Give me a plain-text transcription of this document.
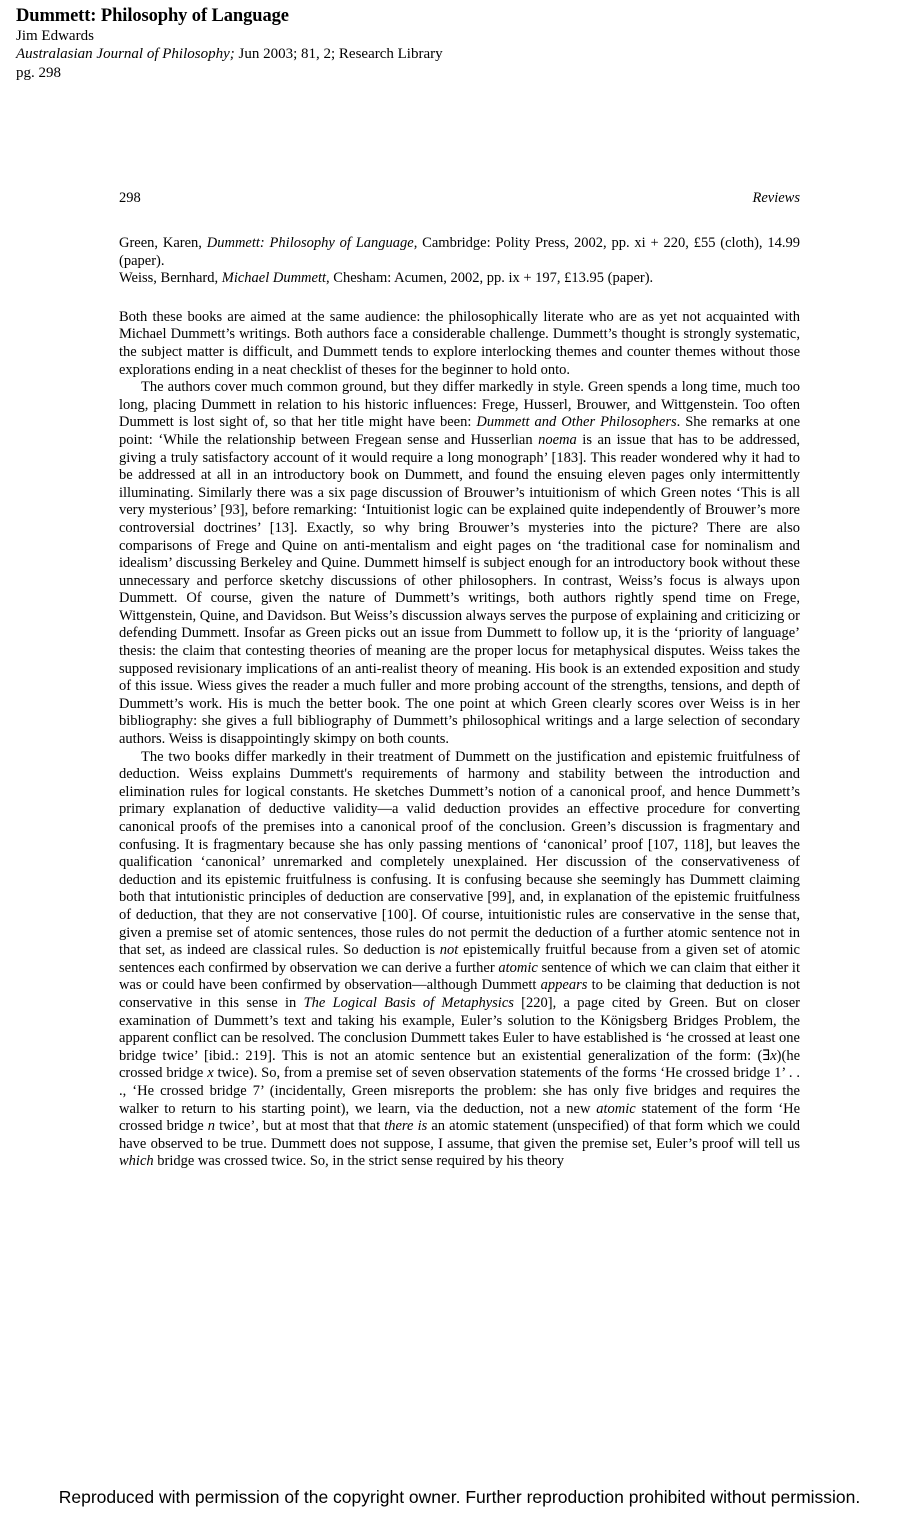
Dummett: Philosophy of Language
Jim Edwards
Australasian Journal of Philosophy; Jun 2003; 81, 2; Research Library
pg. 298
298	Reviews
Green, Karen, Dummett: Philosophy of Language, Cambridge: Polity Press, 2002, pp. xi + 220, £55 (cloth), 14.99 (paper).
Weiss, Bernhard, Michael Dummett, Chesham: Acumen, 2002, pp. ix + 197, £13.95 (paper).

Both these books are aimed at the same audience: the philosophically literate who are as yet not acquainted with Michael Dummett’s writings. Both authors face a considerable challenge. Dummett’s thought is strongly systematic, the subject matter is difficult, and Dummett tends to explore interlocking themes and counter themes without those explorations ending in a neat checklist of theses for the beginner to hold onto.

The authors cover much common ground, but they differ markedly in style. Green spends a long time, much too long, placing Dummett in relation to his historic influences: Frege, Husserl, Brouwer, and Wittgenstein. Too often Dummett is lost sight of, so that her title might have been: Dummett and Other Philosophers. She remarks at one point: ‘While the relationship between Fregean sense and Husserlian noema is an issue that has to be addressed, giving a truly satisfactory account of it would require a long monograph’ [183]. This reader wondered why it had to be addressed at all in an introductory book on Dummett, and found the ensuing eleven pages only intermittently illuminating. Similarly there was a six page discussion of Brouwer’s intuitionism of which Green notes ‘This is all very mysterious’ [93], before remarking: ‘Intuitionist logic can be explained quite independently of Brouwer’s more controversial doctrines’ [13]. Exactly, so why bring Brouwer’s mysteries into the picture? There are also comparisons of Frege and Quine on anti-mentalism and eight pages on ‘the traditional case for nominalism and idealism’ discussing Berkeley and Quine. Dummett himself is subject enough for an introductory book without these unnecessary and perforce sketchy discussions of other philosophers. In contrast, Weiss’s focus is always upon Dummett. Of course, given the nature of Dummett’s writings, both authors rightly spend time on Frege, Wittgenstein, Quine, and Davidson. But Weiss’s discussion always serves the purpose of explaining and criticizing or defending Dummett. Insofar as Green picks out an issue from Dummett to follow up, it is the ‘priority of language’ thesis: the claim that contesting theories of meaning are the proper locus for metaphysical disputes. Weiss takes the supposed revisionary implications of an anti-realist theory of meaning. His book is an extended exposition and study of this issue. Wiess gives the reader a much fuller and more probing account of the strengths, tensions, and depth of Dummett’s work. His is much the better book. The one point at which Green clearly scores over Weiss is in her bibliography: she gives a full bibliography of Dummett’s philosophical writings and a large selection of secondary authors. Weiss is disappointingly skimpy on both counts.

The two books differ markedly in their treatment of Dummett on the justification and epistemic fruitfulness of deduction. Weiss explains Dummett's requirements of harmony and stability between the introduction and elimination rules for logical constants. He sketches Dummett’s notion of a canonical proof, and hence Dummett’s primary explanation of deductive validity—a valid deduction provides an effective procedure for converting canonical proofs of the premises into a canonical proof of the conclusion. Green’s discussion is fragmentary and confusing. It is fragmentary because she has only passing mentions of ‘canonical’ proof [107, 118], but leaves the qualification ‘canonical’ unremarked and completely unexplained. Her discussion of the conservativeness of deduction and its epistemic fruitfulness is confusing. It is confusing because she seemingly has Dummett claiming both that intutionistic principles of deduction are conservative [99], and, in explanation of the epistemic fruitfulness of deduction, that they are not conservative [100]. Of course, intuitionistic rules are conservative in the sense that, given a premise set of atomic sentences, those rules do not permit the deduction of a further atomic sentence not in that set, as indeed are classical rules. So deduction is not epistemically fruitful because from a given set of atomic sentences each confirmed by observation we can derive a further atomic sentence of which we can claim that either it was or could have been confirmed by observation—although Dummett appears to be claiming that deduction is not conservative in this sense in The Logical Basis of Metaphysics [220], a page cited by Green. But on closer examination of Dummett’s text and taking his example, Euler’s solution to the Königsberg Bridges Problem, the apparent conflict can be resolved. The conclusion Dummett takes Euler to have established is ‘he crossed at least one bridge twice’ [ibid.: 219]. This is not an atomic sentence but an existential generalization of the form: (∃x)(he crossed bridge x twice). So, from a premise set of seven observation statements of the forms ‘He crossed bridge 1’ . . ., ‘He crossed bridge 7’ (incidentally, Green misreports the problem: she has only five bridges and requires the walker to return to his starting point), we learn, via the deduction, not a new atomic statement of the form ‘He crossed bridge n twice’, but at most that that there is an atomic statement (unspecified) of that form which we could have observed to be true. Dummett does not suppose, I assume, that given the premise set, Euler’s proof will tell us which bridge was crossed twice. So, in the strict sense required by his theory

Reproduced with permission of the copyright owner. Further reproduction prohibited without permission.
